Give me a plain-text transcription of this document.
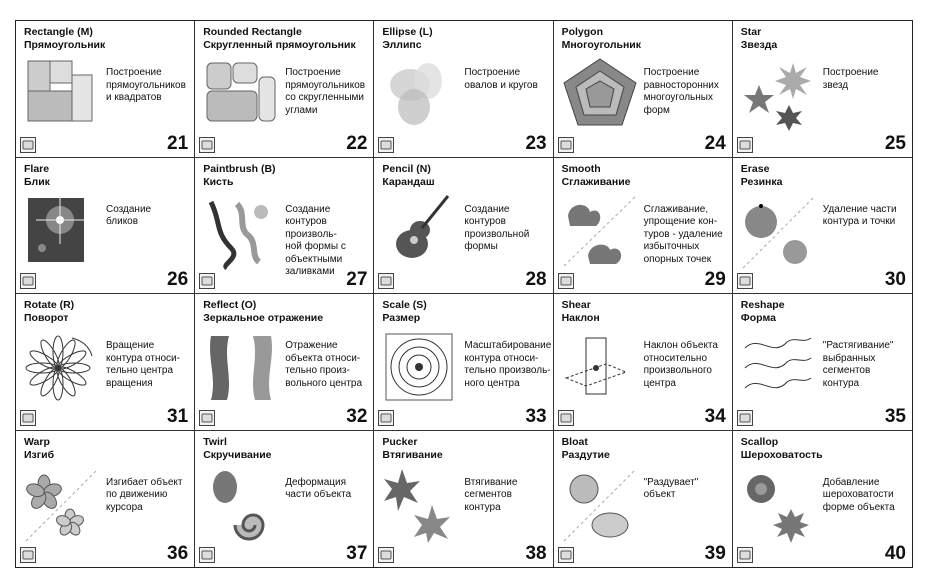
Rectangle (M)
Прямоугольник
Построение
прямоугольников
и квадратов
21
Rounded Rectangle
Скругленный прямоугольник
Построение
прямоугольников
со скругленными
углами
22
Ellipse (L)
Эллипс
Построение
овалов и кругов
23
Polygon
Многоугольник
Построение
равносторонних
многоугольных
форм
24
Star
Звезда
Построение
звезд
25
Flare
Блик
Создание
бликов
26
Paintbrush (B)
Кисть
Создание
контуров
произволь-
ной формы с
объектными
заливками 27
Pencil (N)
Карандаш
Создание
контуров
произвольной
формы
28
Smooth
Сглаживание
Сглаживание,
упрощение кон-
туров - удаление
избыточных
опорных точек
29
Erase
Резинка
Удаление части
контура и точки
30
Rotate (R)
Поворот
Вращение
контура относи-
тельно центра
вращения
31
Reflect (O)
Зеркальное отражение
Отражение
объекта относи-
тельно произ-
вольного центра
32
Scale (S)
Размер
Масштабирование
контура относи-
тельно произволь-
ного центра
33
Shear
Наклон
Наклон объекта
относительно
произвольного
центра
34
Reshape
Форма
"Растягивание"
выбранных
сегментов
контура
35
Warp
Изгиб
Изгибает объект
по движению
курсора
36
Twirl
Скручивание
Деформация
части объекта
37
Pucker
Втягивание
Втягивание
сегментов
контура
38
Bloat
Раздутие
"Раздувает"
объект
39
Scallop
Шероховатость
Добавление
шероховатости
форме объекта
40
